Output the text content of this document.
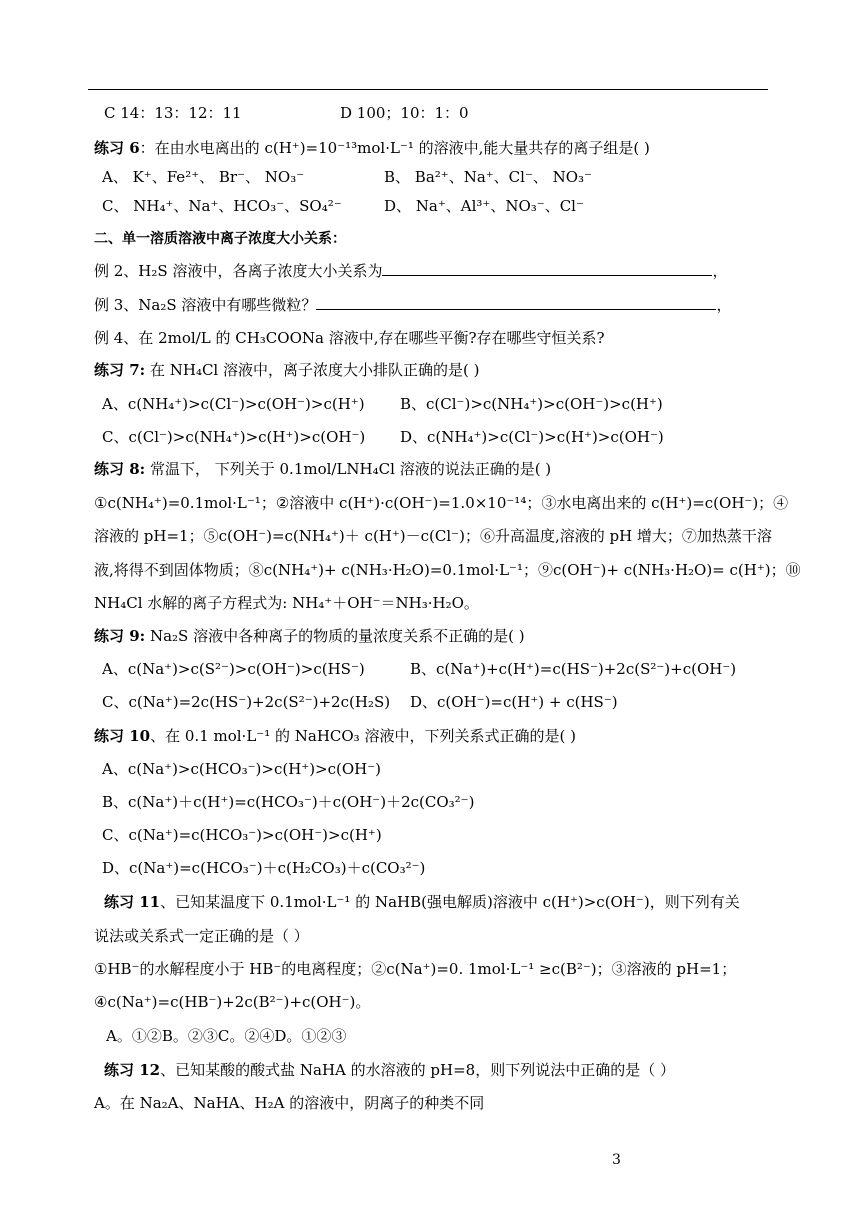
C 14：13：12：11	D 100；10：1：0
练习 6：在由水电离出的 c(H⁺)=10⁻¹³mol·L⁻¹ 的溶液中,能大量共存的离子组是( )
A、 K⁺、Fe²⁺、 Br⁻、 NO₃⁻	B、 Ba²⁺、Na⁺、Cl⁻、 NO₃⁻
C、 NH₄⁺、Na⁺、HCO₃⁻、SO₄²⁻	D、 Na⁺、Al³⁺、NO₃⁻、Cl⁻
二、单一溶质溶液中离子浓度大小关系：
例 2、H₂S 溶液中，各离子浓度大小关系为	，
例 3、Na₂S 溶液中有哪些微粒？	，
例 4、在 2mol/L 的 CH₃COONa 溶液中,存在哪些平衡?存在哪些守恒关系?
练习 7: 在 NH₄Cl 溶液中，离子浓度大小排队正确的是( )
A、c(NH₄⁺)>c(Cl⁻)>c(OH⁻)>c(H⁺) B、c(Cl⁻)>c(NH₄⁺)>c(OH⁻)>c(H⁺)
C、c(Cl⁻)>c(NH₄⁺)>c(H⁺)>c(OH⁻) D、c(NH₄⁺)>c(Cl⁻)>c(H⁺)>c(OH⁻)
练习 8: 常温下， 下列关于 0.1mol/LNH₄Cl 溶液的说法正确的是( )
①c(NH₄⁺)=0.1mol·L⁻¹；②溶液中 c(H⁺)·c(OH⁻)=1.0×10⁻¹⁴；③水电离出来的 c(H⁺)=c(OH⁻)；④
溶液的 pH=1；⑤c(OH⁻)=c(NH₄⁺)＋ c(H⁺)－c(Cl⁻)；⑥升高温度,溶液的 pH 增大；⑦加热蒸干溶
液,将得不到固体物质；⑧c(NH₄⁺)+ c(NH₃·H₂O)=0.1mol·L⁻¹；⑨c(OH⁻)+ c(NH₃·H₂O)= c(H⁺)；⑩
NH₄Cl 水解的离子方程式为: NH₄⁺＋OH⁻＝NH₃·H₂O。
练习 9: Na₂S 溶液中各种离子的物质的量浓度关系不正确的是( )
A、c(Na⁺)>c(S²⁻)>c(OH⁻)>c(HS⁻)	B、c(Na⁺)+c(H⁺)=c(HS⁻)+2c(S²⁻)+c(OH⁻)
C、c(Na⁺)=2c(HS⁻)+2c(S²⁻)+2c(H₂S) D、c(OH⁻)=c(H⁺) + c(HS⁻)
练习 10、在 0.1 mol·L⁻¹ 的 NaHCO₃ 溶液中，下列关系式正确的是( )
A、c(Na⁺)>c(HCO₃⁻)>c(H⁺)>c(OH⁻)
B、c(Na⁺)＋c(H⁺)=c(HCO₃⁻)＋c(OH⁻)＋2c(CO₃²⁻)
C、c(Na⁺)=c(HCO₃⁻)>c(OH⁻)>c(H⁺)
D、c(Na⁺)=c(HCO₃⁻)＋c(H₂CO₃)＋c(CO₃²⁻)
练习 11、已知某温度下 0.1mol·L⁻¹ 的 NaHB(强电解质)溶液中 c(H⁺)>c(OH⁻)，则下列有关
说法或关系式一定正确的是（ ）
①HB⁻的水解程度小于 HB⁻的电离程度；②c(Na⁺)=0. 1mol·L⁻¹ ≥c(B²⁻)；③溶液的 pH=1；
④c(Na⁺)=c(HB⁻)+2c(B²⁻)+c(OH⁻)。
A。①②B。②③C。②④D。①②③
练习 12、已知某酸的酸式盐 NaHA 的水溶液的 pH=8，则下列说法中正确的是（ ）
A。在 Na₂A、NaHA、H₂A 的溶液中，阴离子的种类不同
3
